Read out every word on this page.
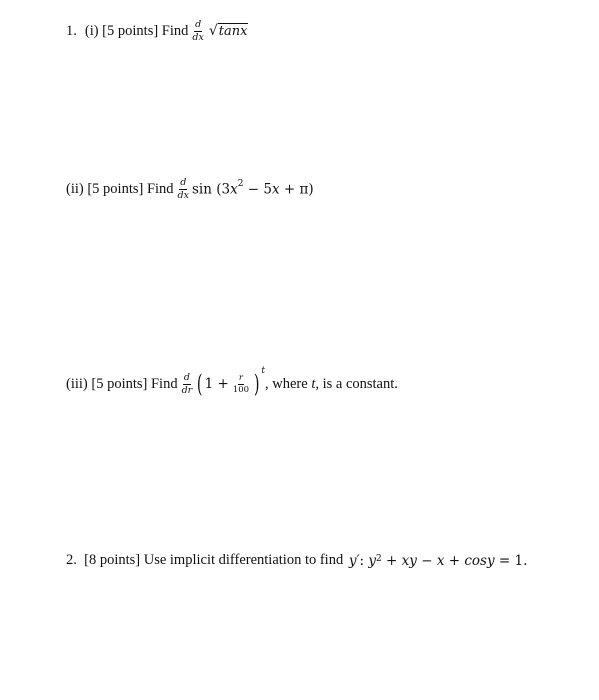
1. (i) [5 points] Find $\frac{d}{dx}$ √ tanx
(ii) [5 points] Find $\frac{d}{dx}$ $\sin (3x^2 - 5x + \pi)$
(iii) [5 points] Find $\frac{d}{dr}$ ( $1 + \frac{r}{100}$ ) t
, where t , is a constant.
2.  [8 points] Use implicit differentiation to find y′ : $y^2$ + xy − x + cosy = 1.
